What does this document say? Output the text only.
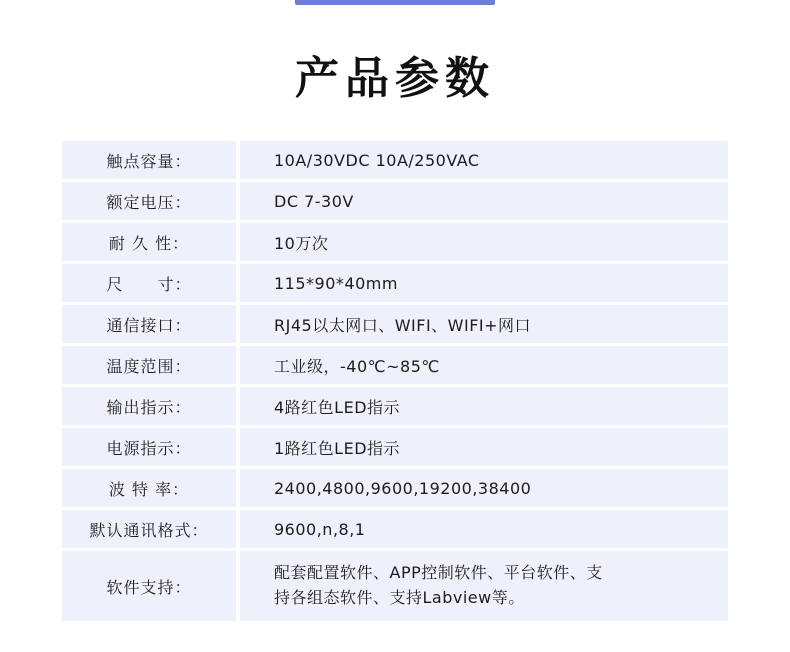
产品参数
触点容量：		10A/30VDC 10A/250VAC
额定电压：		DC 7-30V
耐 久 性：		10万次
尺　　寸：		115*90*40mm
通信接口：		RJ45以太网口、WIFI、WIFI+网口
温度范围：		工业级，-40℃~85℃
输出指示：		4路红色LED指示
电源指示：		1路红色LED指示
波 特 率：		2400,4800,9600,19200,38400
默认通讯格式：		9600,n,8,1
软件支持：		配套配置软件、APP控制软件、平台软件、支
持各组态软件、支持Labview等。
